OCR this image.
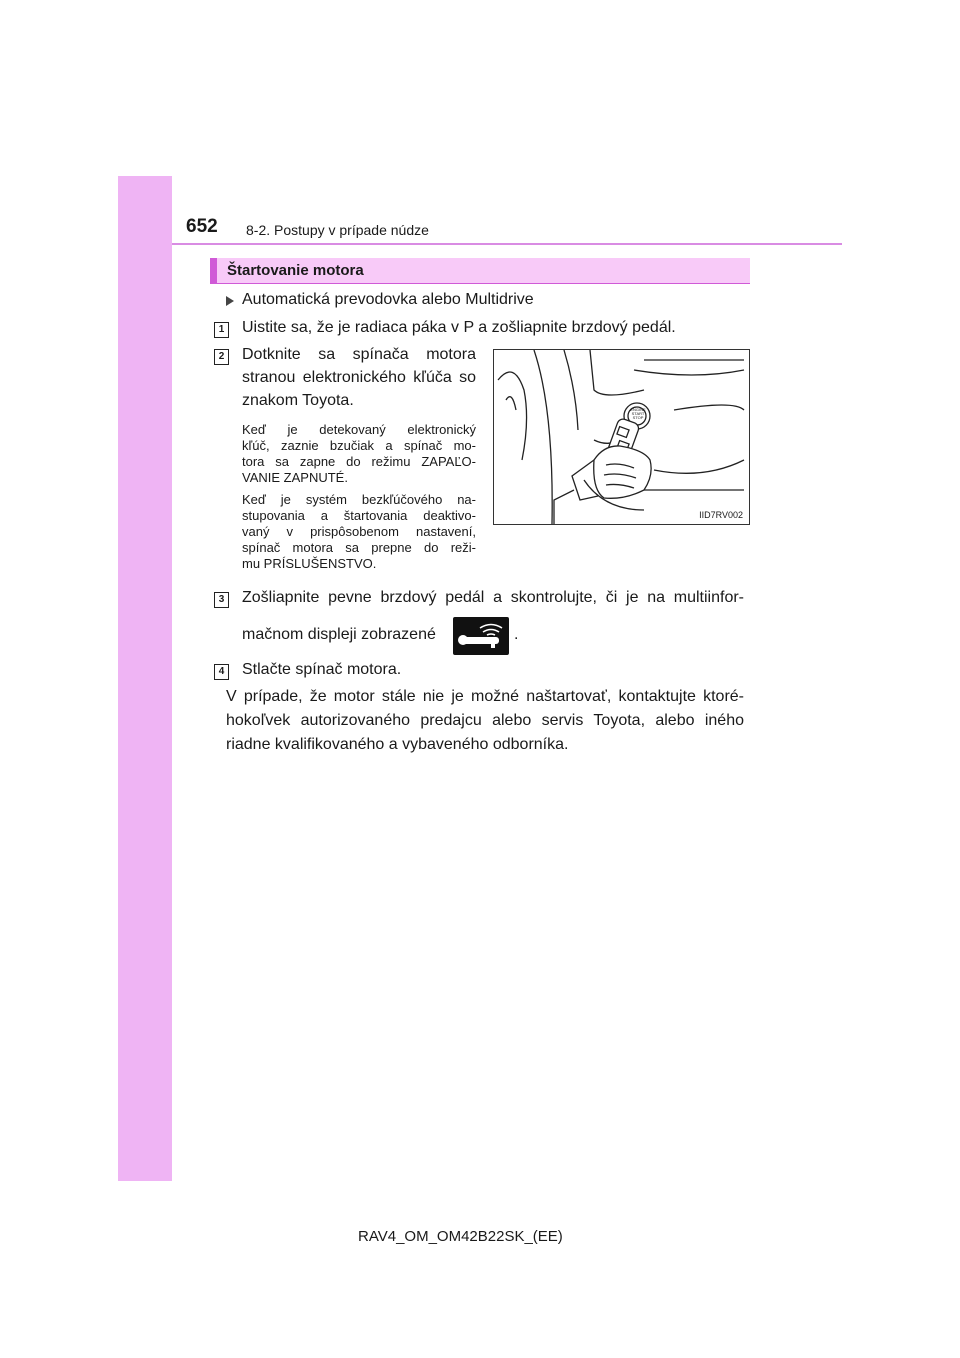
652 8-2. Postupy v prípade núdze
Štartovanie motora
Automatická prevodovka alebo Multidrive
1 Uistite sa, že je radiaca páka v P a zošliapnite brzdový pedál.
2 Dotknite sa spínača motora
stranou elektronického kľúča so
znakom Toyota.
Keď je detekovaný elektronický
kľúč, zaznie bzučiak a spínač mo-
tora sa zapne do režimu ZAPAĽO-
VANIE ZAPNUTÉ.
Keď je systém bezkľúčového na-
stupovania a štartovania deaktivo-
vaný v prispôsobenom nastavení,
spínač motora sa prepne do reži-
mu PRÍSLUŠENSTVO.
ENGINE
START
STOP
IID7RV002
3 Zošliapnite pevne brzdový pedál a skontrolujte, či je na multiinfor-
mačnom displeji zobrazené	.
4 Stlačte spínač motora.
V prípade, že motor stále nie je možné naštartovať, kontaktujte ktoré-
hokoľvek autorizovaného predajcu alebo servis Toyota, alebo iného
riadne kvalifikovaného a vybaveného odborníka.
RAV4_OM_OM42B22SK_(EE)
